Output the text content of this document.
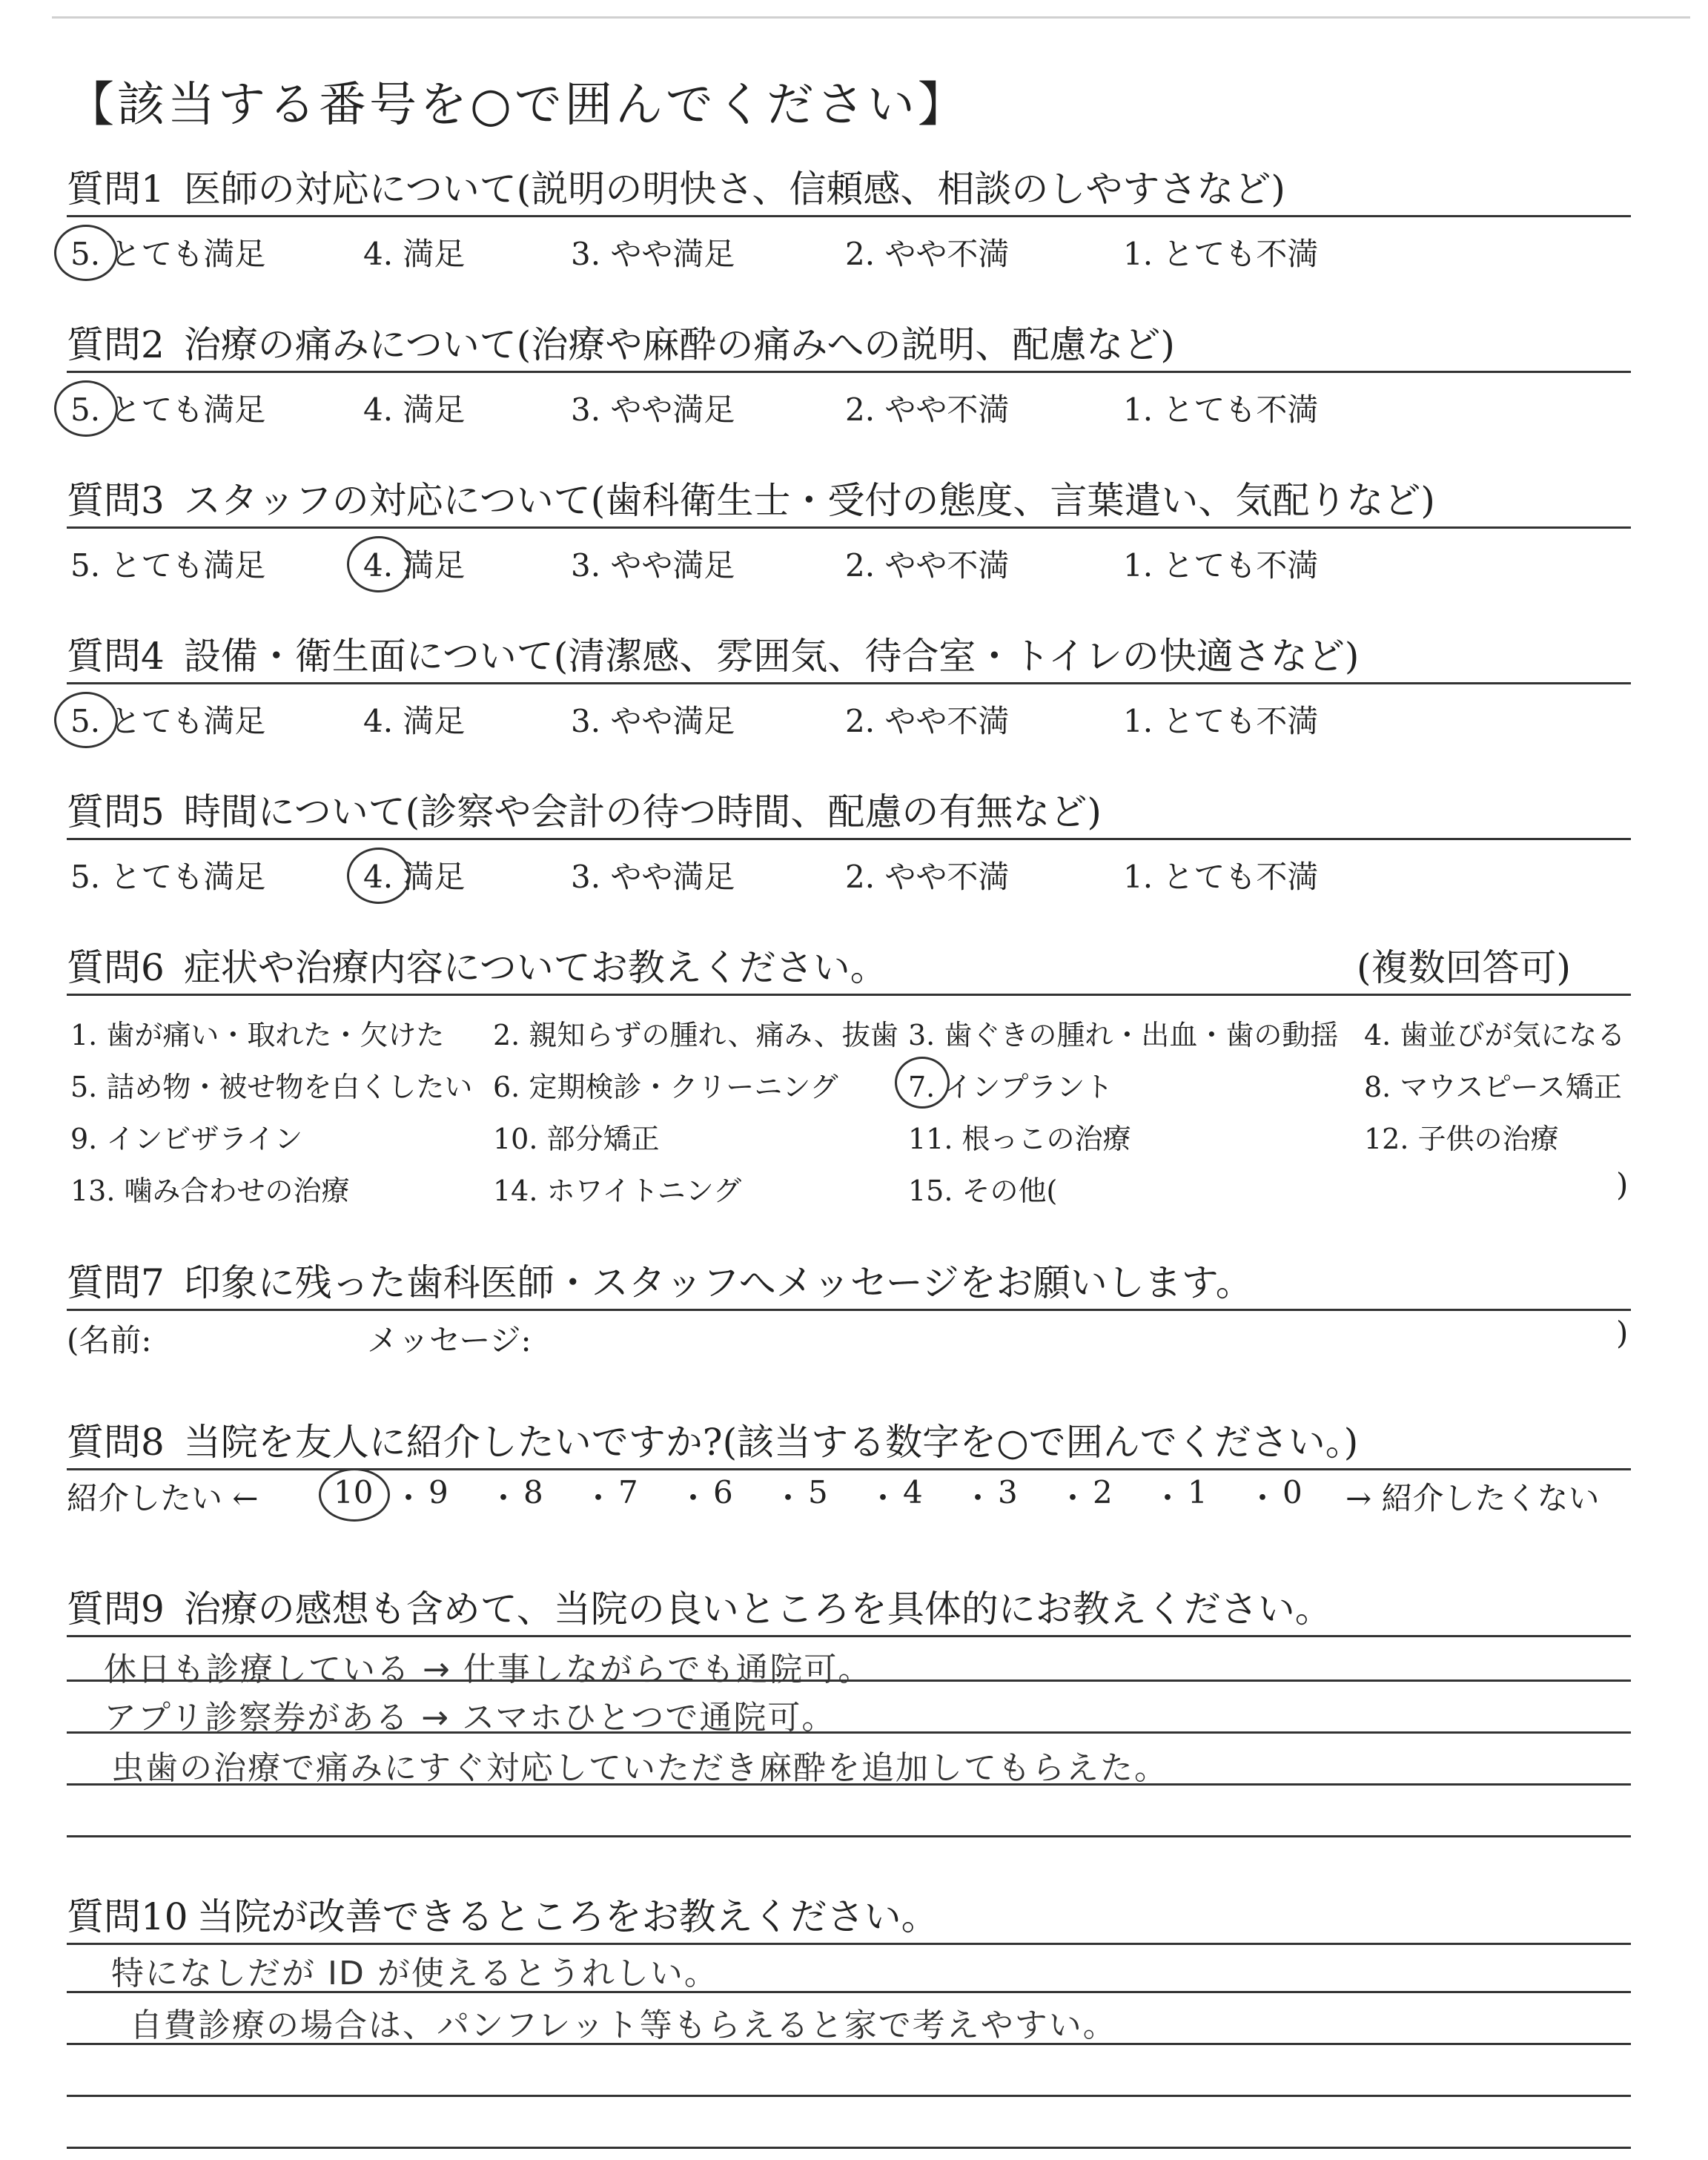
【該当する番号を○で囲んでください】
質問1 医師の対応について(説明の明快さ、信頼感、相談のしやすさなど)
5. とても満足	4. 満足	3. やや満足	2. やや不満	1. とても不満
質問2 治療の痛みについて(治療や麻酔の痛みへの説明、配慮など)
5. とても満足	4. 満足	3. やや満足	2. やや不満	1. とても不満
質問3 スタッフの対応について(歯科衛生士・受付の態度、言葉遣い、気配りなど)
5. とても満足	4. 満足	3. やや満足	2. やや不満	1. とても不満
質問4 設備・衛生面について(清潔感、雰囲気、待合室・トイレの快適さなど)
5. とても満足	4. 満足	3. やや満足	2. やや不満	1. とても不満
質問5 時間について(診察や会計の待つ時間、配慮の有無など)
5. とても満足	4. 満足	3. やや満足	2. やや不満	1. とても不満
質問6 症状や治療内容についてお教えください。	(複数回答可)
1. 歯が痛い・取れた・欠けた 2. 親知らずの腫れ、痛み、抜歯 3. 歯ぐきの腫れ・出血・歯の動揺 4. 歯並びが気になる
5. 詰め物・被せ物を白くしたい 6. 定期検診・クリーニング 7. インプラント	8. マウスピース矯正
9. インビザライン	10. 部分矯正	11. 根っこの治療	12. 子供の治療
13. 噛み合わせの治療	14. ホワイトニング	15. その他(	)
質問7 印象に残った歯科医師・スタッフへメッセージをお願いします。
(名前:	メッセージ:	)
質問8 当院を友人に紹介したいですか?(該当する数字を○で囲んでください。)
紹介したい ← 10 ・ 9 ・ 8 ・ 7 ・ 6 ・ 5 ・ 4 ・ 3 ・ 2 ・ 1 ・ 0 → 紹介したくない
質問9 治療の感想も含めて、当院の良いところを具体的にお教えください。
休日も診療している → 仕事しながらでも通院可。
アプリ診察券がある → スマホひとつで通院可。
虫歯の治療で痛みにすぐ対応していただき麻酔を追加してもらえた。
質問10 当院が改善できるところをお教えください。
特になしだが ID が使えるとうれしい。
自費診療の場合は、パンフレット等もらえると家で考えやすい。
